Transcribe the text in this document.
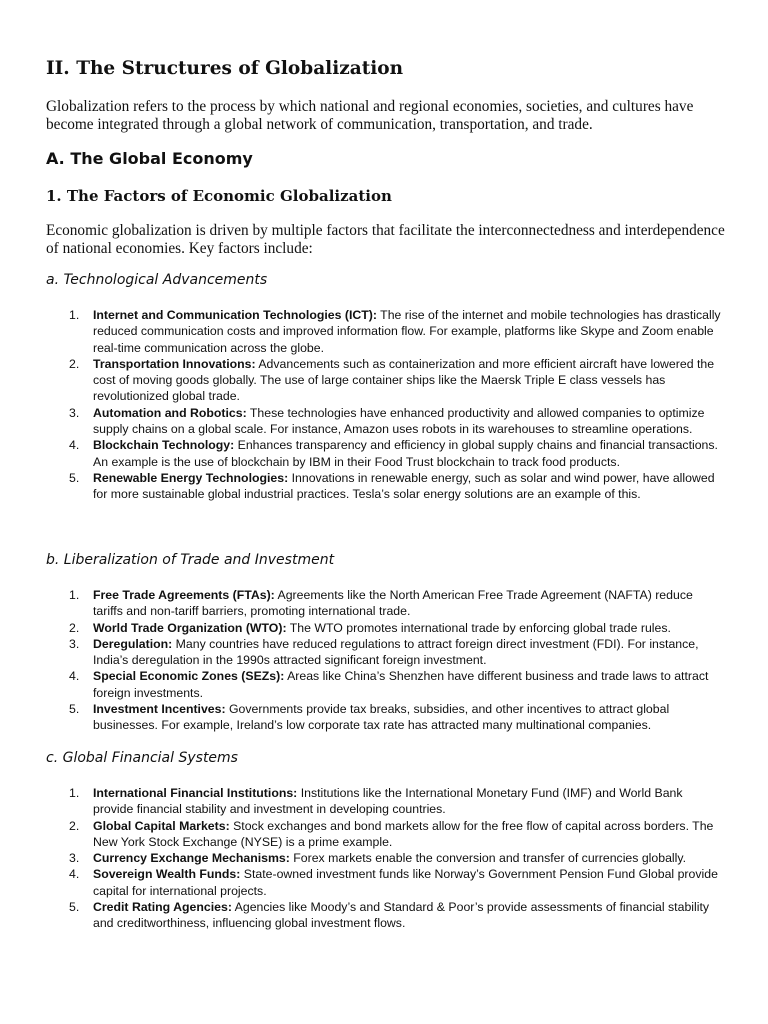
II. The Structures of Globalization

Globalization refers to the process by which national and regional economies, societies, and cultures have become integrated through a global network of communication, transportation, and trade.

A. The Global Economy
1. The Factors of Economic Globalization

Economic globalization is driven by multiple factors that facilitate the interconnectedness and interdependence of national economies. Key factors include:

a. Technological Advancements
1. Internet and Communication Technologies (ICT): The rise of the internet and mobile technologies has drastically reduced communication costs and improved information flow. For example, platforms like Skype and Zoom enable real-time communication across the globe.
2. Transportation Innovations: Advancements such as containerization and more efficient aircraft have lowered the cost of moving goods globally. The use of large container ships like the Maersk Triple E class vessels has revolutionized global trade.
3. Automation and Robotics: These technologies have enhanced productivity and allowed companies to optimize supply chains on a global scale. For instance, Amazon uses robots in its warehouses to streamline operations.
4. Blockchain Technology: Enhances transparency and efficiency in global supply chains and financial transactions. An example is the use of blockchain by IBM in their Food Trust blockchain to track food products.
5. Renewable Energy Technologies: Innovations in renewable energy, such as solar and wind power, have allowed for more sustainable global industrial practices. Tesla’s solar energy solutions are an example of this.
b. Liberalization of Trade and Investment
1. Free Trade Agreements (FTAs): Agreements like the North American Free Trade Agreement (NAFTA) reduce tariffs and non-tariff barriers, promoting international trade.
2. World Trade Organization (WTO): The WTO promotes international trade by enforcing global trade rules.
3. Deregulation: Many countries have reduced regulations to attract foreign direct investment (FDI). For instance, India’s deregulation in the 1990s attracted significant foreign investment.
4. Special Economic Zones (SEZs): Areas like China’s Shenzhen have different business and trade laws to attract foreign investments.
5. Investment Incentives: Governments provide tax breaks, subsidies, and other incentives to attract global businesses. For example, Ireland’s low corporate tax rate has attracted many multinational companies.
c. Global Financial Systems
1. International Financial Institutions: Institutions like the International Monetary Fund (IMF) and World Bank provide financial stability and investment in developing countries.
2. Global Capital Markets: Stock exchanges and bond markets allow for the free flow of capital across borders. The New York Stock Exchange (NYSE) is a prime example.
3. Currency Exchange Mechanisms: Forex markets enable the conversion and transfer of currencies globally.
4. Sovereign Wealth Funds: State-owned investment funds like Norway’s Government Pension Fund Global provide capital for international projects.
5. Credit Rating Agencies: Agencies like Moody’s and Standard & Poor’s provide assessments of financial stability and creditworthiness, influencing global investment flows.
